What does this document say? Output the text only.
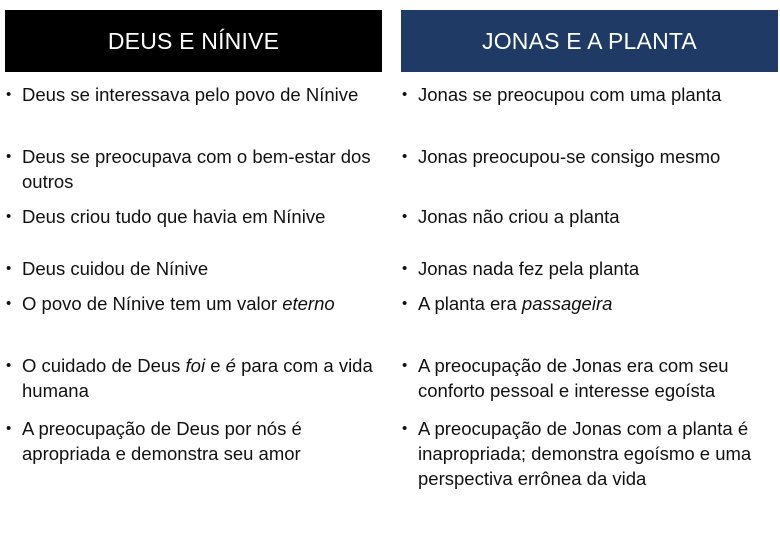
DEUS E NÍNIVE	JONAS E A PLANTA
• Deus se interessava pelo povo de Nínive
• Deus se preocupava com o bem-estar dos outros
• Deus criou tudo que havia em Nínive
• Deus cuidou de Nínive
• O povo de Nínive tem um valor eterno
• O cuidado de Deus foi e é para com a vida humana
• A preocupação de Deus por nós é apropriada e demonstra seu amor
• Jonas se preocupou com uma planta
• Jonas preocupou-se consigo mesmo
• Jonas não criou a planta
• Jonas nada fez pela planta
• A planta era passageira
• A preocupação de Jonas era com seu conforto pessoal e interesse egoísta
• A preocupação de Jonas com a planta é inapropriada; demonstra egoísmo e uma perspectiva errônea da vida
